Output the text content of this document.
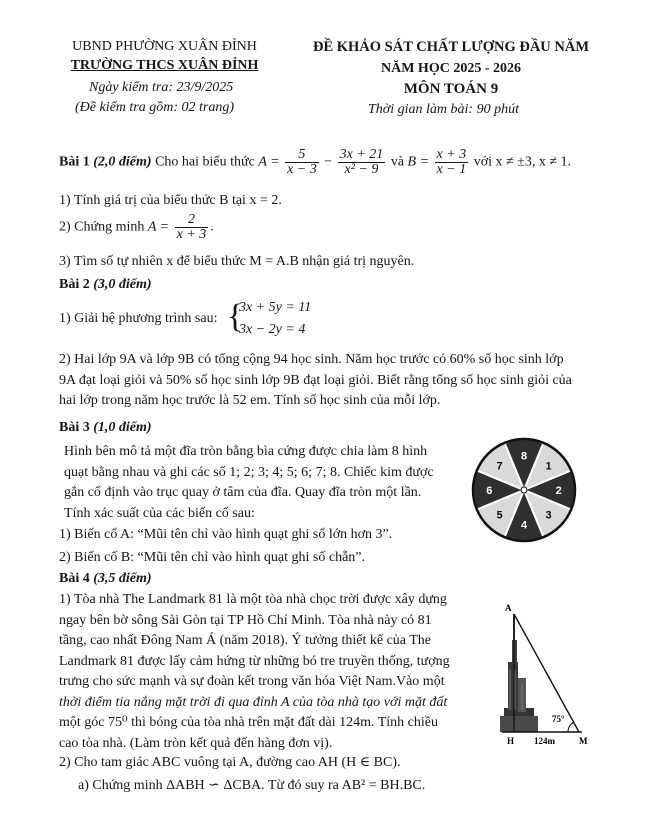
UBND PHƯỜNG XUÂN ĐỈNH
TRƯỜNG THCS XUÂN ĐỈNH
Ngày kiểm tra: 23/9/2025
(Đề kiểm tra gồm: 02 trang)
ĐỀ KHẢO SÁT CHẤT LƯỢNG ĐẦU NĂM
NĂM HỌC 2025 - 2026
MÔN TOÁN 9
Thời gian làm bài: 90 phút
Bài 1 (2,0 điểm) Cho hai biểu thức $A = \frac{5}{x - 3} - \frac{3x + 21}{\text{x² − 9}}$ và $B = \frac{x + 3}{x - 1}$ với x ≠ ±3, x ≠ 1.
1) Tính giá trị của biểu thức B tại x = 2.
2) Chứng minh $A = \frac{2}{x + 3}$ .
3) Tìm số tự nhiên x để biểu thức M = A.B nhận giá trị nguyên.
Bài 2 (3,0 điểm)
1) Giải hệ phương trình sau: {
3x + 5y = 11
3x − 2y = 4
2) Hai lớp 9A và lớp 9B có tổng cộng 94 học sinh. Năm học trước có 60% số học sinh lớp
9A đạt loại giỏi và 50% số học sinh lớp 9B đạt loại giỏi. Biết rằng tổng số học sinh giỏi của
hai lớp trong năm học trước là 52 em. Tính số học sinh của mỗi lớp.
Bài 3 (1,0 điểm)
Hình bên mô tả một đĩa tròn bằng bìa cứng được chia làm 8 hình
quạt bằng nhau và ghi các số 1; 2; 3; 4; 5; 6; 7; 8. Chiếc kim được
gắn cố định vào trục quay ở tâm của đĩa. Quay đĩa tròn một lần.
Tính xác suất của các biến cố sau:
1) Biến cố A: “Mũi tên chỉ vào hình quạt ghi số lớn hơn 3”.
2) Biến cố B: “Mũi tên chỉ vào hình quạt ghi số chẵn”.
8
1
2
3
4
5
6
7
Bài 4 (3,5 điểm)
1) Tòa nhà The Landmark 81 là một tòa nhà chọc trời được xây dựng
ngay bên bờ sông Sài Gòn tại TP Hồ Chí Minh. Tòa nhà này có 81
tầng, cao nhất Đông Nam Á (năm 2018). Ý tưởng thiết kế của The
Landmark 81 được lấy cảm hứng từ những bó tre truyền thống, tượng
trưng cho sức mạnh và sự đoàn kết trong văn hóa Việt Nam.Vào một
thời điểm tia nắng mặt trời đi qua đỉnh A của tòa nhà tạo với mặt đất
một góc 75⁰ thì bóng của tòa nhà trên mặt đất dài 124m. Tính chiều
cao tòa nhà. (Làm tròn kết quả đến hàng đơn vị).
2) Cho tam giác ABC vuông tại A, đường cao AH (H ∈ BC).
a) Chứng minh ΔABH ∽ ΔCBA. Từ đó suy ra AB² = BH.BC.
A
75°
H 124m	M
